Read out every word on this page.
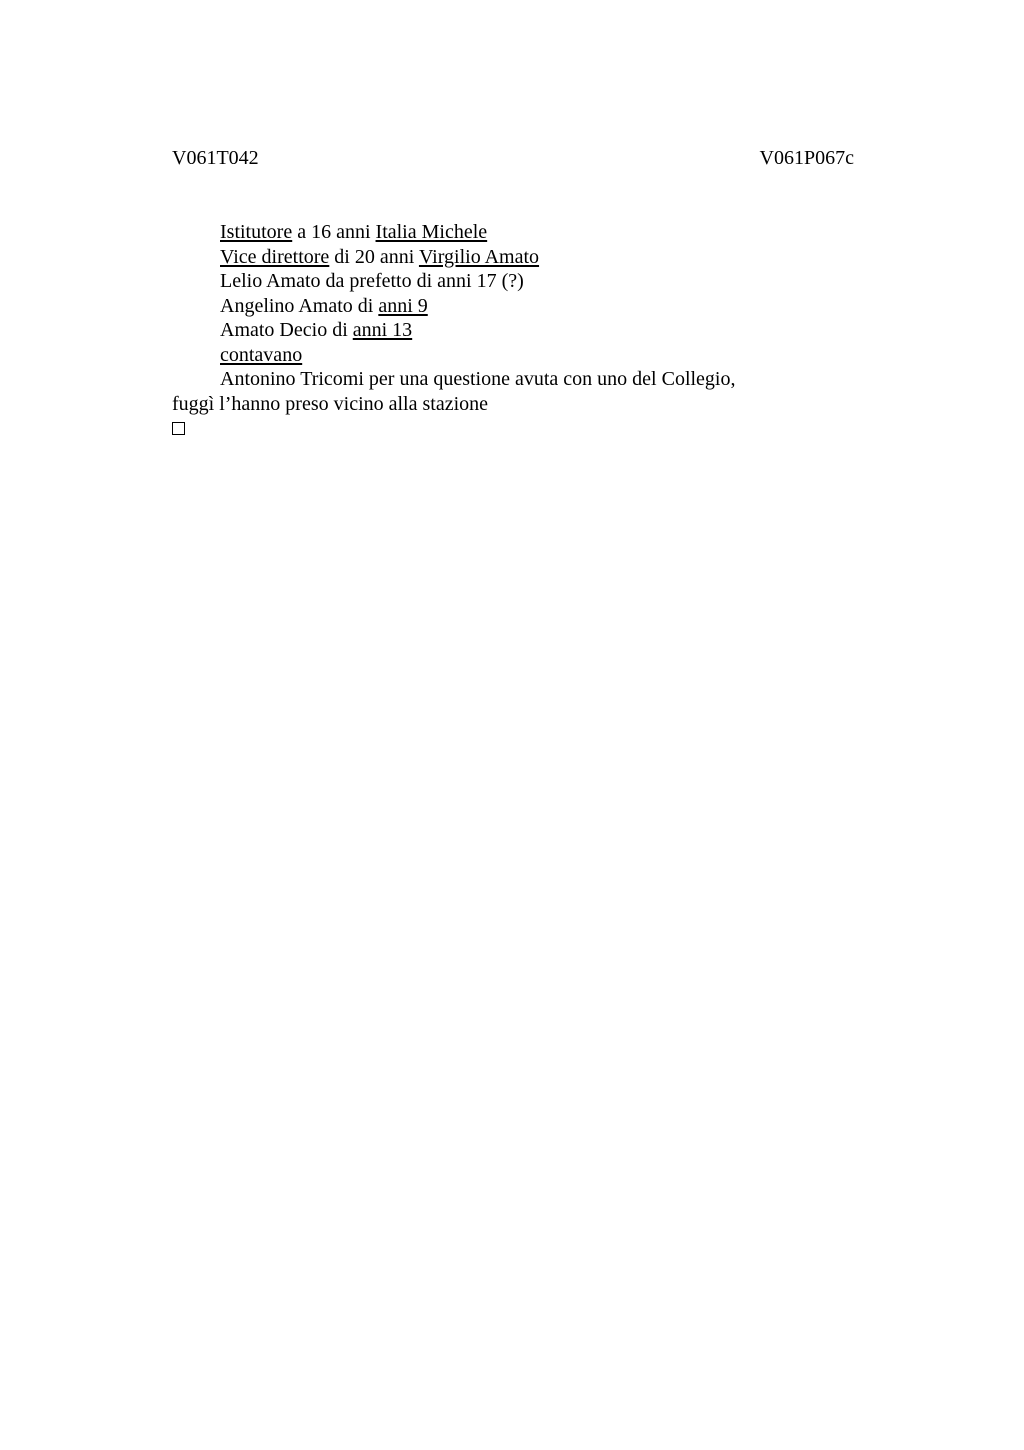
V061T042	V061P067c

Istitutore a 16 anni Italia Michele

Vice direttore di 20 anni Virgilio Amato

Lelio Amato da prefetto di anni 17 (?)

Angelino Amato di anni 9

Amato Decio di anni 13

contavano

Antonino Tricomi per una questione avuta con uno del Collegio,

fuggì l’hanno preso vicino alla stazione
